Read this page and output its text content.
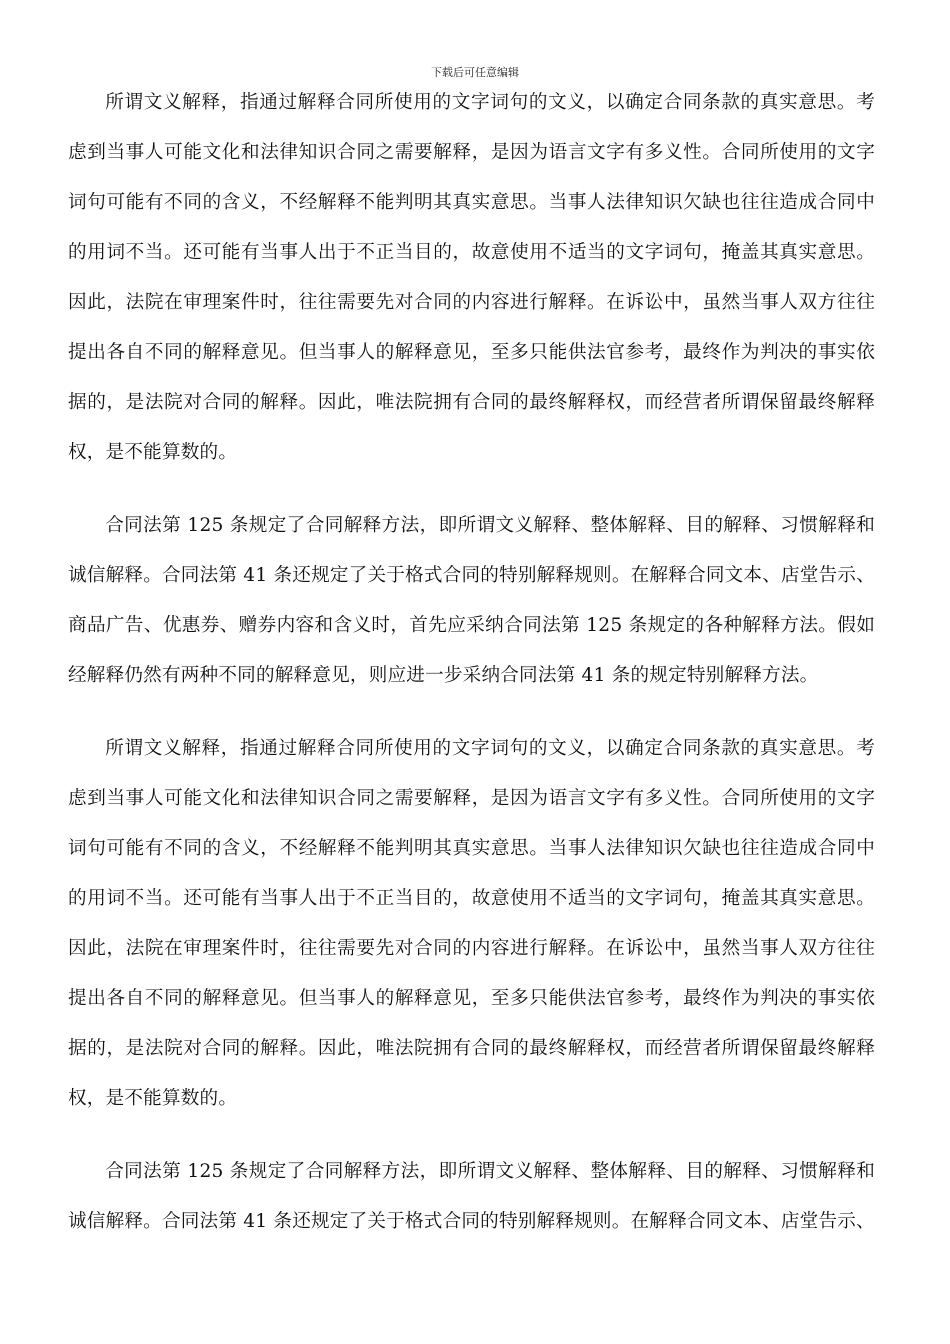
下载后可任意编辑

所谓文义解释，指通过解释合同所使用的文字词句的文义，以确定合同条款的真实意思。考虑到当事人可能文化和法律知识合同之需要解释，是因为语言文字有多义性。合同所使用的文字词句可能有不同的含义，不经解释不能判明其真实意思。当事人法律知识欠缺也往往造成合同中的用词不当。还可能有当事人出于不正当目的，故意使用不适当的文字词句，掩盖其真实意思。因此，法院在审理案件时，往往需要先对合同的内容进行解释。在诉讼中，虽然当事人双方往往提出各自不同的解释意见。但当事人的解释意见，至多只能供法官参考，最终作为判决的事实依据的，是法院对合同的解释。因此，唯法院拥有合同的最终解释权，而经营者所谓保留最终解释权，是不能算数的。

合同法第 125 条规定了合同解释方法，即所谓文义解释、整体解释、目的解释、习惯解释和诚信解释。合同法第 41 条还规定了关于格式合同的特别解释规则。在解释合同文本、店堂告示、商品广告、优惠券、赠券内容和含义时，首先应采纳合同法第 125 条规定的各种解释方法。假如经解释仍然有两种不同的解释意见，则应进一步采纳合同法第 41 条的规定特别解释方法。

所谓文义解释，指通过解释合同所使用的文字词句的文义，以确定合同条款的真实意思。考虑到当事人可能文化和法律知识合同之需要解释，是因为语言文字有多义性。合同所使用的文字词句可能有不同的含义，不经解释不能判明其真实意思。当事人法律知识欠缺也往往造成合同中的用词不当。还可能有当事人出于不正当目的，故意使用不适当的文字词句，掩盖其真实意思。因此，法院在审理案件时，往往需要先对合同的内容进行解释。在诉讼中，虽然当事人双方往往提出各自不同的解释意见。但当事人的解释意见，至多只能供法官参考，最终作为判决的事实依据的，是法院对合同的解释。因此，唯法院拥有合同的最终解释权，而经营者所谓保留最终解释权，是不能算数的。

合同法第 125 条规定了合同解释方法，即所谓文义解释、整体解释、目的解释、习惯解释和诚信解释。合同法第 41 条还规定了关于格式合同的特别解释规则。在解释合同文本、店堂告示、
